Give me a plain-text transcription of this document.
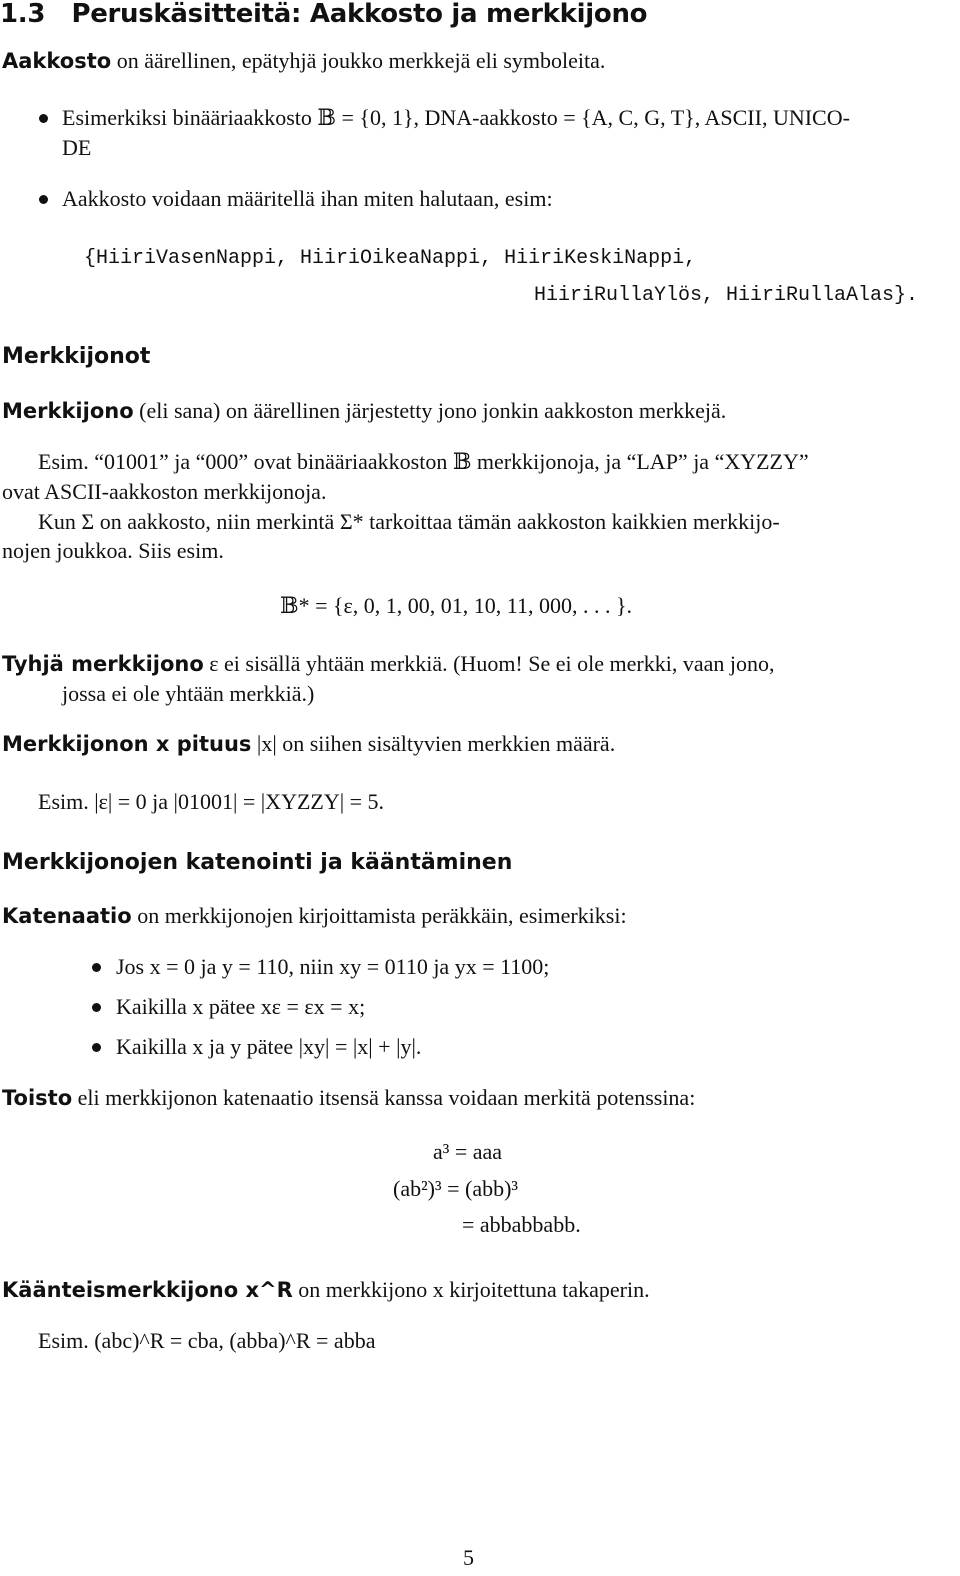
1.3 Peruskäsitteitä: Aakkosto ja merkkijono
Aakkosto on äärellinen, epätyhjä joukko merkkejä eli symboleita.
Esimerkiksi binääriaakkosto 𝔹 = {0, 1}, DNA-aakkosto = {A, C, G, T}, ASCII, UNICO-
DE
Aakkosto voidaan määritellä ihan miten halutaan, esim:
{HiiriVasenNappi, HiiriOikeaNappi, HiiriKeskiNappi,
HiiriRullaYlös, HiiriRullaAlas}.
Merkkijonot
Merkkijono (eli sana) on äärellinen järjestetty jono jonkin aakkoston merkkejä.
Esim. “01001” ja “000” ovat binääriaakkoston 𝔹 merkkijonoja, ja “LAP” ja “XYZZY”
ovat ASCII-aakkoston merkkijonoja.
Kun Σ on aakkosto, niin merkintä Σ* tarkoittaa tämän aakkoston kaikkien merkkijo-
nojen joukkoa. Siis esim.
𝔹* = {ε, 0, 1, 00, 01, 10, 11, 000, . . . }.
Tyhjä merkkijono ε ei sisällä yhtään merkkiä. (Huom! Se ei ole merkki, vaan jono,
jossa ei ole yhtään merkkiä.)
Merkkijonon x pituus |x| on siihen sisältyvien merkkien määrä.
Esim. |ε| = 0 ja |01001| = |XYZZY| = 5.
Merkkijonojen katenointi ja kääntäminen
Katenaatio on merkkijonojen kirjoittamista peräkkäin, esimerkiksi:
Jos x = 0 ja y = 110, niin xy = 0110 ja yx = 1100;
Kaikilla x pätee xε = εx = x;
Kaikilla x ja y pätee |xy| = |x| + |y|.
Toisto eli merkkijonon katenaatio itsensä kanssa voidaan merkitä potenssina:
a³ = aaa
(ab²)³ = (abb)³
= abbabbabb.
Käänteismerkkijono x^R on merkkijono x kirjoitettuna takaperin.
Esim. (abc)^R = cba, (abba)^R = abba
5
